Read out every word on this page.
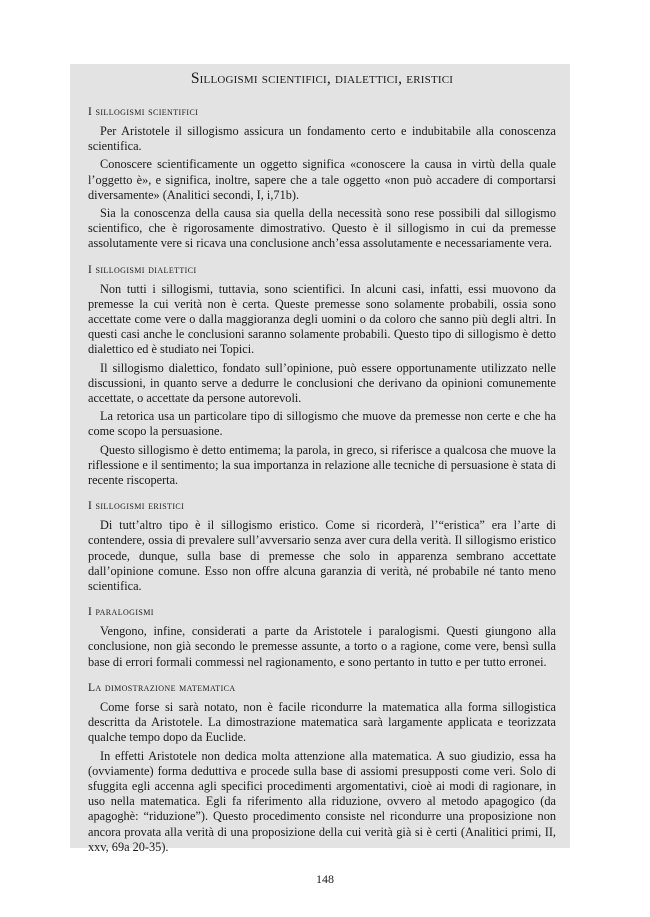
Sillogismi scientifici, dialettici, eristici
I sillogismi scientifici

Per Aristotele il sillogismo assicura un fondamento certo e indubitabile alla conoscenza scientifica.

Conoscere scientificamente un oggetto significa «conoscere la causa in virtù della quale l’oggetto è», e significa, inoltre, sapere che a tale oggetto «non può accadere di comportarsi diversamente» (Analitici secondi, I, i,71b).

Sia la conoscenza della causa sia quella della necessità sono rese possibili dal sillogismo scientifico, che è rigorosamente dimostrativo. Questo è il sillogismo in cui da premesse assolutamente vere si ricava una conclusione anch’essa assolutamente e necessariamente vera.

I sillogismi dialettici

Non tutti i sillogismi, tuttavia, sono scientifici. In alcuni casi, infatti, essi muovono da premesse la cui verità non è certa. Queste premesse sono solamente probabili, ossia sono accettate come vere o dalla maggioranza degli uomini o da coloro che sanno più degli altri. In questi casi anche le conclusioni saranno solamente probabili. Questo tipo di sillogismo è detto dialettico ed è studiato nei Topici.

Il sillogismo dialettico, fondato sull’opinione, può essere opportunamente utilizzato nelle discussioni, in quanto serve a dedurre le conclusioni che derivano da opinioni comunemente accettate, o accettate da persone autorevoli.

La retorica usa un particolare tipo di sillogismo che muove da premesse non certe e che ha come scopo la persuasione.

Questo sillogismo è detto entimema; la parola, in greco, si riferisce a qualcosa che muove la riflessione e il sentimento; la sua importanza in relazione alle tecniche di persuasione è stata di recente riscoperta.

I sillogismi eristici

Di tutt’altro tipo è il sillogismo eristico. Come si ricorderà, l’“eristica” era l’arte di contendere, ossia di prevalere sull’avversario senza aver cura della verità. Il sillogismo eristico procede, dunque, sulla base di premesse che solo in apparenza sembrano accettate dall’opinione comune. Esso non offre alcuna garanzia di verità, né probabile né tanto meno scientifica.

I paralogismi

Vengono, infine, considerati a parte da Aristotele i paralogismi. Questi giungono alla conclusione, non già secondo le premesse assunte, a torto o a ragione, come vere, bensì sulla base di errori formali commessi nel ragionamento, e sono pertanto in tutto e per tutto erronei.

La dimostrazione matematica

Come forse si sarà notato, non è facile ricondurre la matematica alla forma sillogistica descritta da Aristotele. La dimostrazione matematica sarà largamente applicata e teorizzata qualche tempo dopo da Euclide.

In effetti Aristotele non dedica molta attenzione alla matematica. A suo giudizio, essa ha (ovviamente) forma deduttiva e procede sulla base di assiomi presupposti come veri. Solo di sfuggita egli accenna agli specifici procedimenti argomentativi, cioè ai modi di ragionare, in uso nella matematica. Egli fa riferimento alla riduzione, ovvero al metodo apagogico (da apagoghè: “riduzione”). Questo procedimento consiste nel ricondurre una proposizione non ancora provata alla verità di una proposizione della cui verità già si è certi (Analitici primi, II, xxv, 69a 20-35).

148
